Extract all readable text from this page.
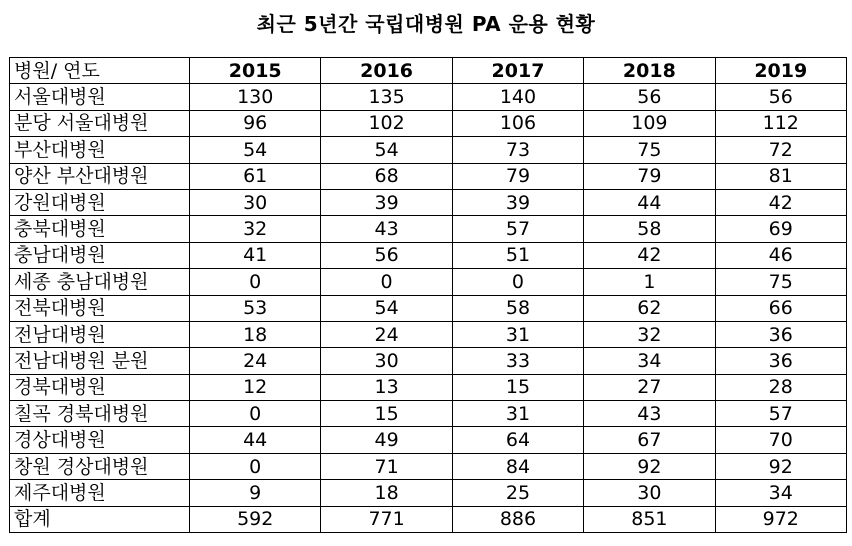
최근 5년간 국립대병원 PA 운용 현황
병원/ 연도	2015	2016	2017	2018	2019
서울대병원	130	135	140	56	56
분당 서울대병원	96	102	106	109	112
부산대병원	54	54	73	75	72
양산 부산대병원	61	68	79	79	81
강원대병원	30	39	39	44	42
충북대병원	32	43	57	58	69
충남대병원	41	56	51	42	46
세종 충남대병원	0	0	0	1	75
전북대병원	53	54	58	62	66
전남대병원	18	24	31	32	36
전남대병원 분원	24	30	33	34	36
경북대병원	12	13	15	27	28
칠곡 경북대병원	0	15	31	43	57
경상대병원	44	49	64	67	70
창원 경상대병원	0	71	84	92	92
제주대병원	9	18	25	30	34
합계	592	771	886	851	972
